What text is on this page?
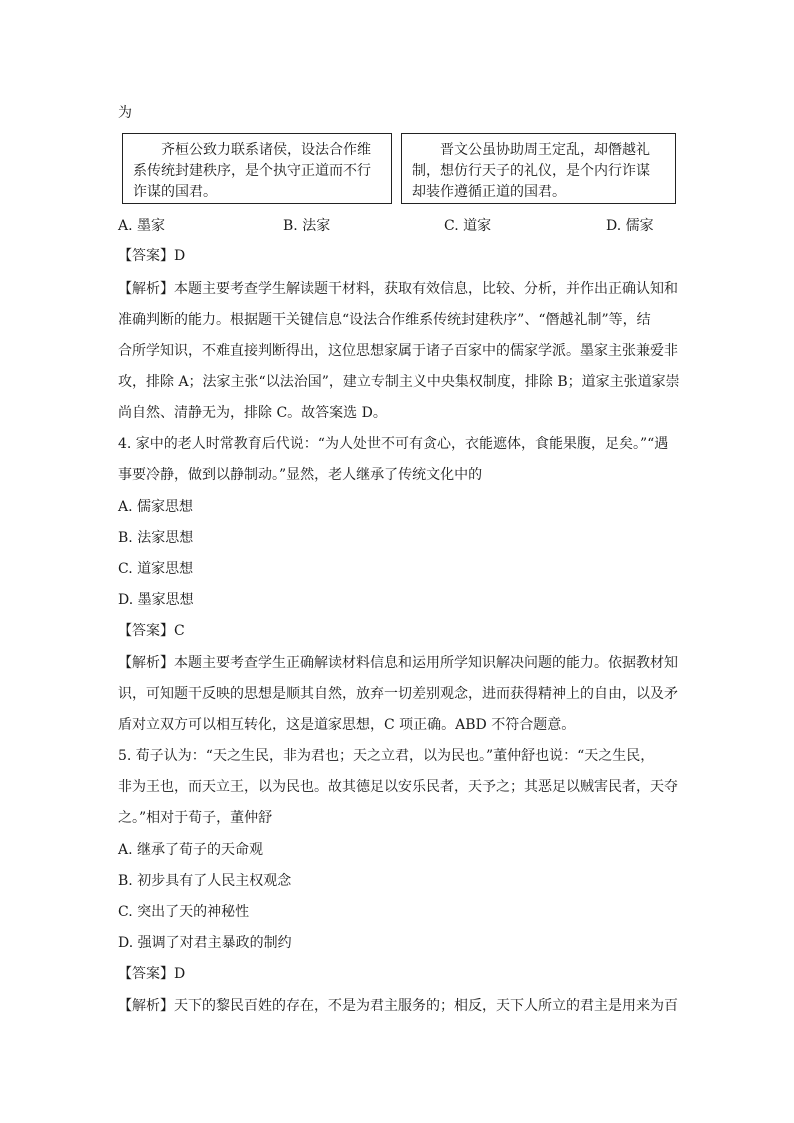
为
齐桓公致力联系诸侯，设法合作维
系传统封建秩序，是个执守正道而不行
诈谋的国君。
晋文公虽协助周王定乱，却僭越礼
制，想仿行天子的礼仪，是个内行诈谋
却装作遵循正道的国君。
A. 墨家	B. 法家	C. 道家	D. 儒家
【答案】D
【解析】本题主要考查学生解读题干材料，获取有效信息，比较、分析，并作出正确认知和
准确判断的能力。根据题干关键信息“设法合作维系传统封建秩序”、“僭越礼制”等，结
合所学知识，不难直接判断得出，这位思想家属于诸子百家中的儒家学派。墨家主张兼爱非
攻，排除 A；法家主张“以法治国”，建立专制主义中央集权制度，排除 B；道家主张道家崇
尚自然、清静无为，排除 C。故答案选 D。
4. 家中的老人时常教育后代说：“为人处世不可有贪心，衣能遮体，食能果腹，足矣。”“遇
事要冷静，做到以静制动。”显然，老人继承了传统文化中的
A. 儒家思想
B. 法家思想
C. 道家思想
D. 墨家思想
【答案】C
【解析】本题主要考查学生正确解读材料信息和运用所学知识解决问题的能力。依据教材知
识，可知题干反映的思想是顺其自然，放弃一切差别观念，进而获得精神上的自由，以及矛
盾对立双方可以相互转化，这是道家思想，C 项正确。ABD 不符合题意。
5. 荀子认为：“天之生民，非为君也；天之立君，以为民也。”董仲舒也说：“天之生民，
非为王也，而天立王，以为民也。故其德足以安乐民者，天予之；其恶足以贼害民者，天夺
之。”相对于荀子，董仲舒
A. 继承了荀子的天命观
B. 初步具有了人民主权观念
C. 突出了天的神秘性
D. 强调了对君主暴政的制约
【答案】D
【解析】天下的黎民百姓的存在，不是为君主服务的；相反，天下人所立的君主是用来为百
